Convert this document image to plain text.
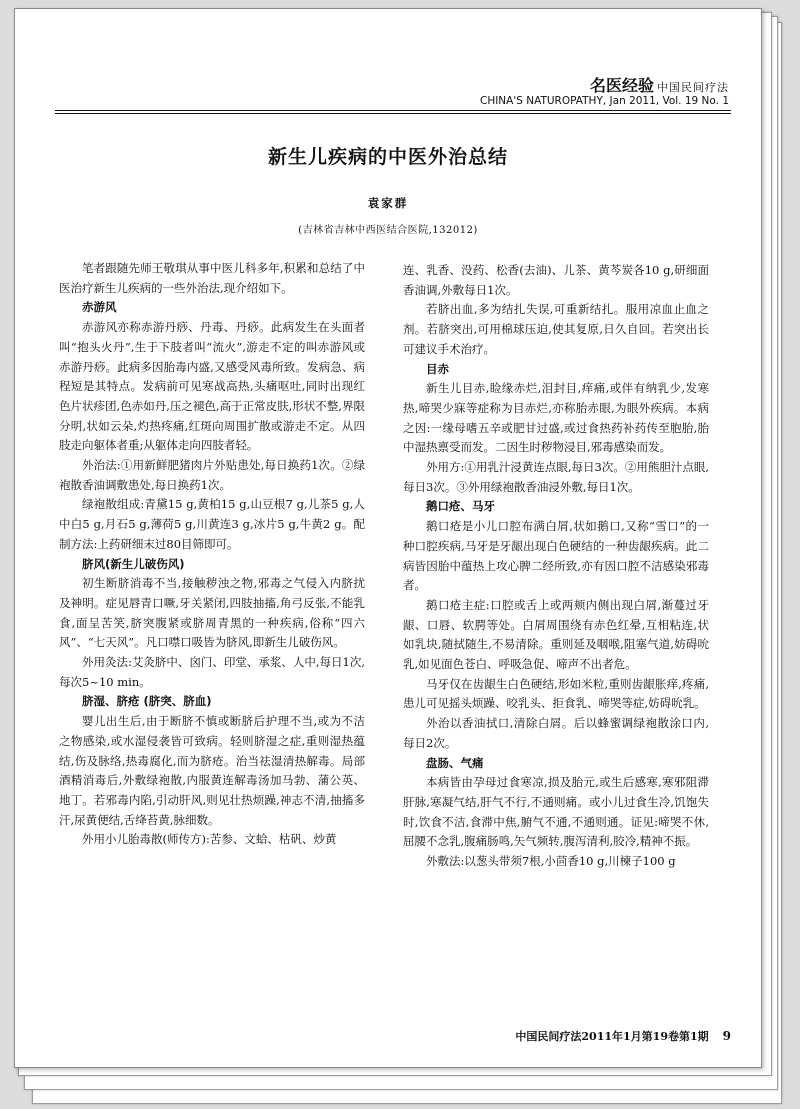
名医经验 中国民间疗法
CHINA'S NATUROPATHY, Jan 2011, Vol. 19 No. 1
新生儿疾病的中医外治总结
袁家群
(吉林省吉林中西医结合医院,132012)

笔者跟随先师王敬琪从事中医儿科多年,积累和总结了中医治疗新生儿疾病的一些外治法,现介绍如下。

赤游风

赤游风亦称赤游丹痧、丹毒、丹痧。此病发生在头面者叫“抱头火丹”,生于下肢者叫“流火”,游走不定的叫赤游风或赤游丹痧。此病多因胎毒内盛,又感受风毒所致。发病急、病程短是其特点。发病前可见寒战高热,头痛呕吐,同时出现红色片状疹团,色赤如丹,压之褪色,高于正常皮肤,形状不整,界限分明,状如云朵,灼热疼痛,红斑向周围扩散或游走不定。从四肢走向躯体者重;从躯体走向四肢者轻。

外治法:①用新鲜肥猪肉片外贴患处,每日换药1次。②绿袍散香油调敷患处,每日换药1次。

绿袍散组成:青黛15 g,黄柏15 g,山豆根7 g,儿茶5 g,人中白5 g,月石5 g,薄荷5 g,川黄连3 g,冰片5 g,牛黄2 g。配制方法:上药研细末过80目筛即可。

脐风(新生儿破伤风)

初生断脐消毒不当,接触秽浊之物,邪毒之气侵入内脐扰及神明。症见唇青口噘,牙关紧闭,四肢抽搐,角弓反张,不能乳食,面呈苦笑,脐突腹紧或脐周青黑的一种疾病,俗称“四六风”、“七天风”。凡口噤口吸皆为脐风,即新生儿破伤风。

外用灸法:艾灸脐中、囟门、印堂、承浆、人中,每日1次,每次5~10 min。

脐湿、脐疮 (脐突、脐血)

婴儿出生后,由于断脐不慎或断脐后护理不当,或为不洁之物感染,或水湿侵袭皆可致病。轻则脐湿之症,重则湿热蕴结,伤及脉络,热毒腐化,而为脐疮。治当祛湿清热解毒。局部酒精消毒后,外敷绿袍散,内服黄连解毒汤加马勃、蒲公英、地丁。若邪毒内陷,引动肝风,则见壮热烦躁,神志不清,抽搐多汗,尿黄便结,舌绛苔黄,脉细数。

外用小儿胎毒散(师传方):苦参、文蛤、枯矾、炒黄

连、乳香、没药、松香(去油)、儿茶、黄芩炭各10 g,研细面香油调,外敷每日1次。

若脐出血,多为结扎失误,可重新结扎。服用凉血止血之剂。若脐突出,可用棉球压迫,使其复原,日久自回。若突出长可建议手术治疗。

目赤

新生儿目赤,睑缘赤烂,泪封目,痒痛,或伴有纳乳少,发寒热,啼哭少寐等症称为目赤烂,亦称胎赤眼,为眼外疾病。本病之因:一缘母嗜五辛或肥甘过盛,或过食热药补药传至胞胎,胎中湿热禀受而发。二因生时秽物浸目,邪毒感染而发。

外用方:①用乳汁浸黄连点眼,每日3次。②用熊胆汁点眼,每日3次。③外用绿袍散香油浸外敷,每日1次。

鹅口疮、马牙

鹅口疮是小儿口腔布满白屑,状如鹅口,又称“雪口”的一种口腔疾病,马牙是牙龈出现白色硬结的一种齿龈疾病。此二病皆因胎中蕴热上攻心脾二经所致,亦有因口腔不洁感染邪毒者。

鹅口疮主症:口腔或舌上或两颊内侧出现白屑,渐蔓过牙龈、口唇、软腭等处。白屑周围绕有赤色红晕,互相粘连,状如乳块,随拭随生,不易清除。重则延及咽喉,阻塞气道,妨碍吮乳,如见面色苍白、呼吸急促、啼声不出者危。

马牙仅在齿龈生白色硬结,形如米粒,重则齿龈胀痒,疼痛,患儿可见摇头烦躁、咬乳头、拒食乳、啼哭等症,妨碍吮乳。

外治以香油拭口,清除白屑。后以蜂蜜调绿袍散涂口内,每日2次。

盘肠、气痛

本病皆由孕母过食寒凉,损及胎元,或生后感寒,寒邪阻滞肝脉,寒凝气结,肝气不行,不通则痛。或小儿过食生冷,饥饱失时,饮食不洁,食滞中焦,腑气不通,不通则通。证见:啼哭不休,屈腰不念乳,腹痛肠鸣,矢气频转,腹泻清利,胶冷,精神不振。

外敷法:以葱头带须7根,小茴香10 g,川楝子100 g

中国民间疗法2011年1月第19卷第1期 9
